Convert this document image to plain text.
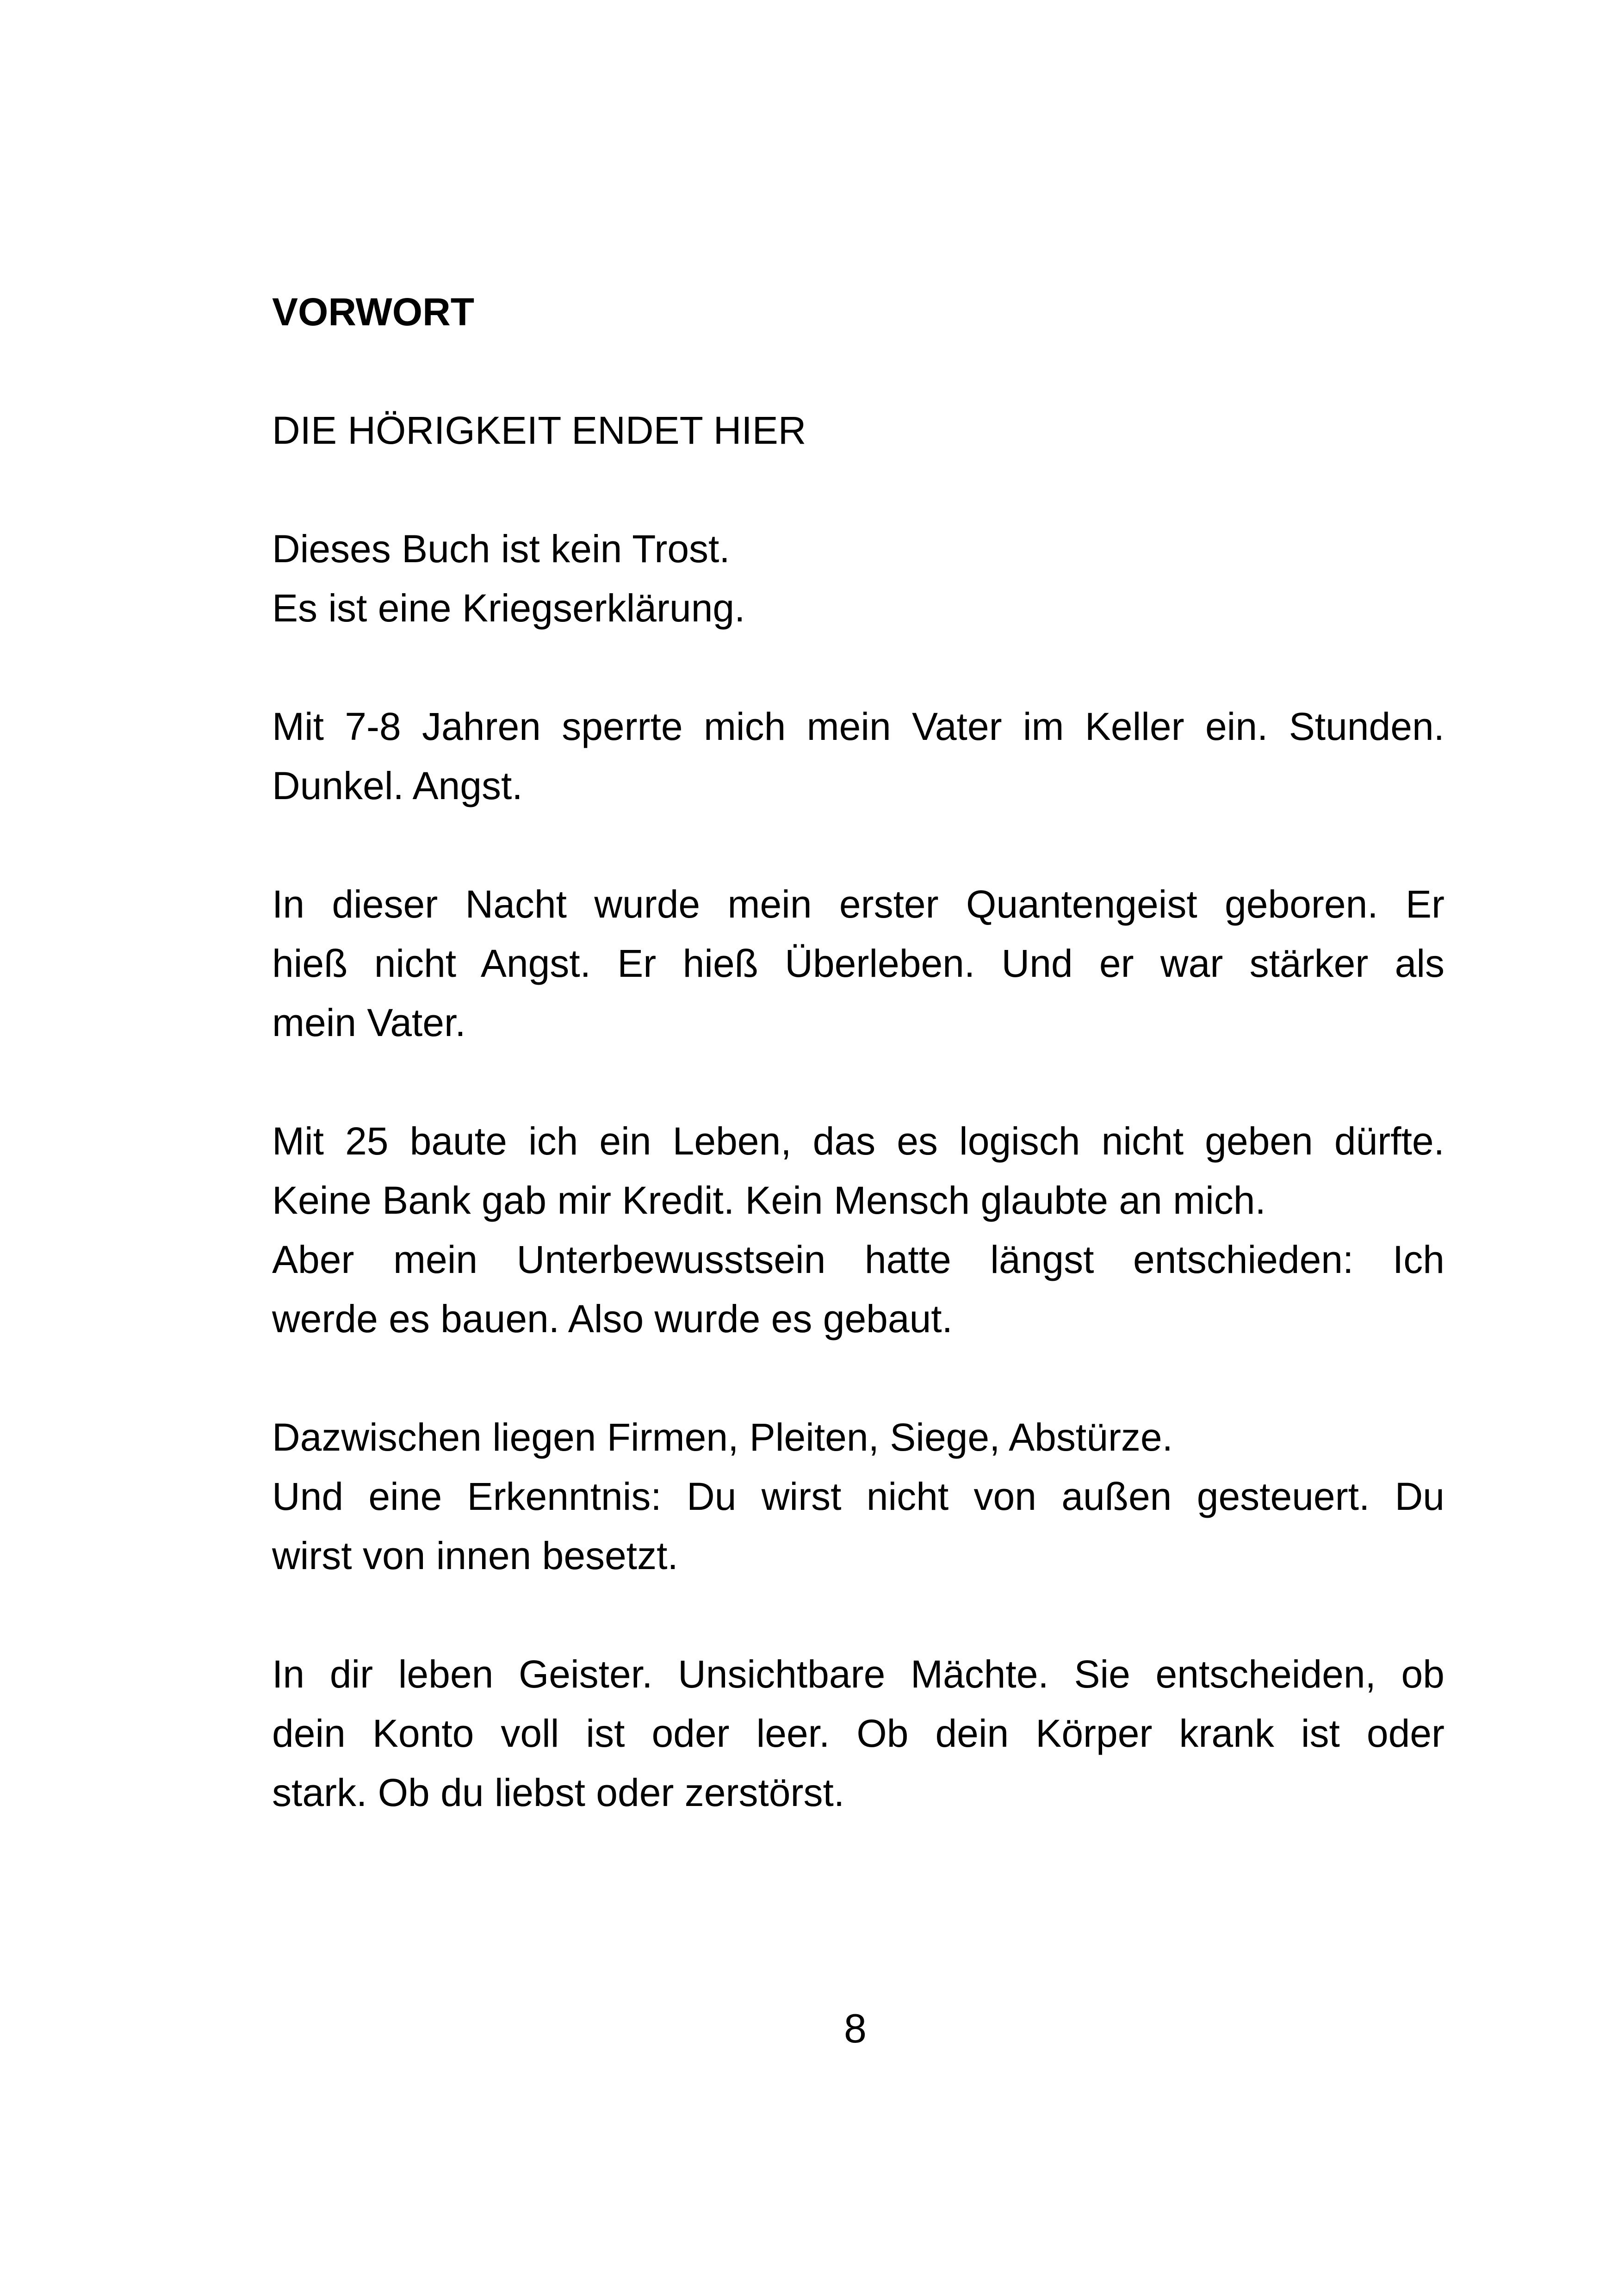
VORWORT
DIE HÖRIGKEIT ENDET HIER
Dieses Buch ist kein Trost.
Es ist eine Kriegserklärung.
Mit 7-8 Jahren sperrte mich mein Vater im Keller ein. Stunden.
Dunkel. Angst.
In dieser Nacht wurde mein erster Quantengeist geboren. Er
hieß nicht Angst. Er hieß Überleben. Und er war stärker als
mein Vater.
Mit 25 baute ich ein Leben, das es logisch nicht geben dürfte.
Keine Bank gab mir Kredit. Kein Mensch glaubte an mich.
Aber mein Unterbewusstsein hatte längst entschieden: Ich
werde es bauen. Also wurde es gebaut.
Dazwischen liegen Firmen, Pleiten, Siege, Abstürze.
Und eine Erkenntnis: Du wirst nicht von außen gesteuert. Du
wirst von innen besetzt.
In dir leben Geister. Unsichtbare Mächte. Sie entscheiden, ob
dein Konto voll ist oder leer. Ob dein Körper krank ist oder
stark. Ob du liebst oder zerstörst.
8
